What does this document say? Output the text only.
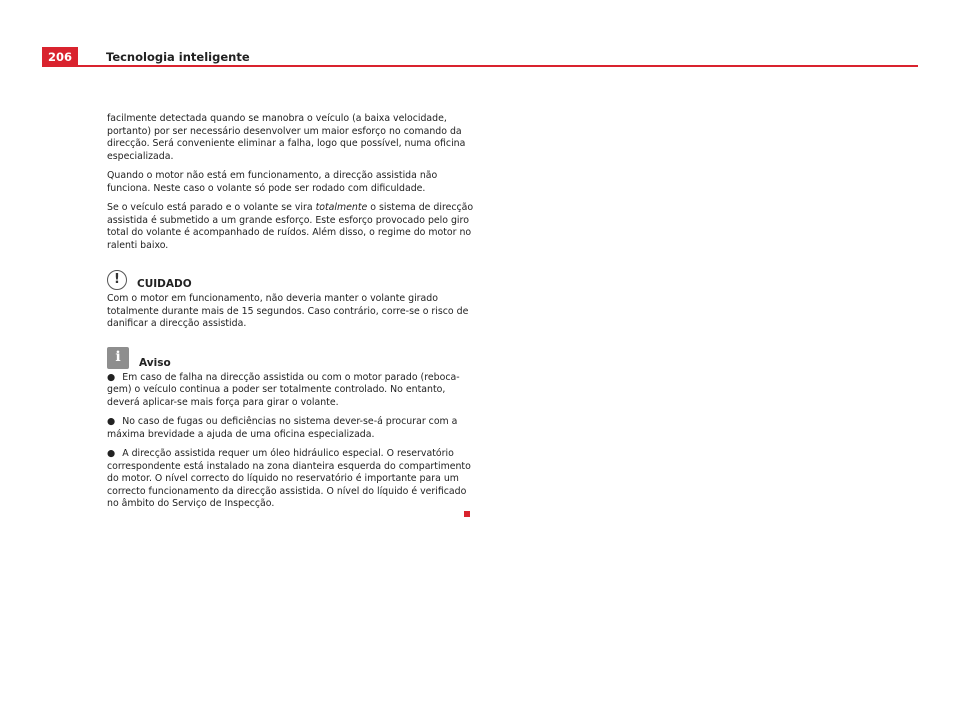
206	Tecnologia inteligente

facilmente detectada quando se manobra o veículo (a baixa velocidade, portanto) por ser necessário desenvolver um maior esforço no comando da direcção. Será conveniente eliminar a falha, logo que possível, numa oficina especializada.

Quando o motor não está em funcionamento, a direcção assistida não funciona. Neste caso o volante só pode ser rodado com dificuldade.

Se o veículo está parado e o volante se vira totalmente o sistema de direcção assistida é submetido a um grande esforço. Este esforço provocado pelo giro total do volante é acompanhado de ruídos. Além disso, o regime do motor no ralenti baixo.

!	CUIDADO

Com o motor em funcionamento, não deveria manter o volante girado totalmente durante mais de 15 segundos. Caso contrário, corre-se o risco de danificar a direcção assistida.

i	Aviso

● Em caso de falha na direcção assistida ou com o motor parado (reboca-gem) o veículo continua a poder ser totalmente controlado. No entanto, deverá aplicar-se mais força para girar o volante.

● No caso de fugas ou deficiências no sistema dever-se-á procurar com a máxima brevidade a ajuda de uma oficina especializada.

● A direcção assistida requer um óleo hidráulico especial. O reservatório correspondente está instalado na zona dianteira esquerda do compartimento do motor. O nível correcto do líquido no reservatório é importante para um correcto funcionamento da direcção assistida. O nível do líquido é verificado no âmbito do Serviço de Inspecção.
